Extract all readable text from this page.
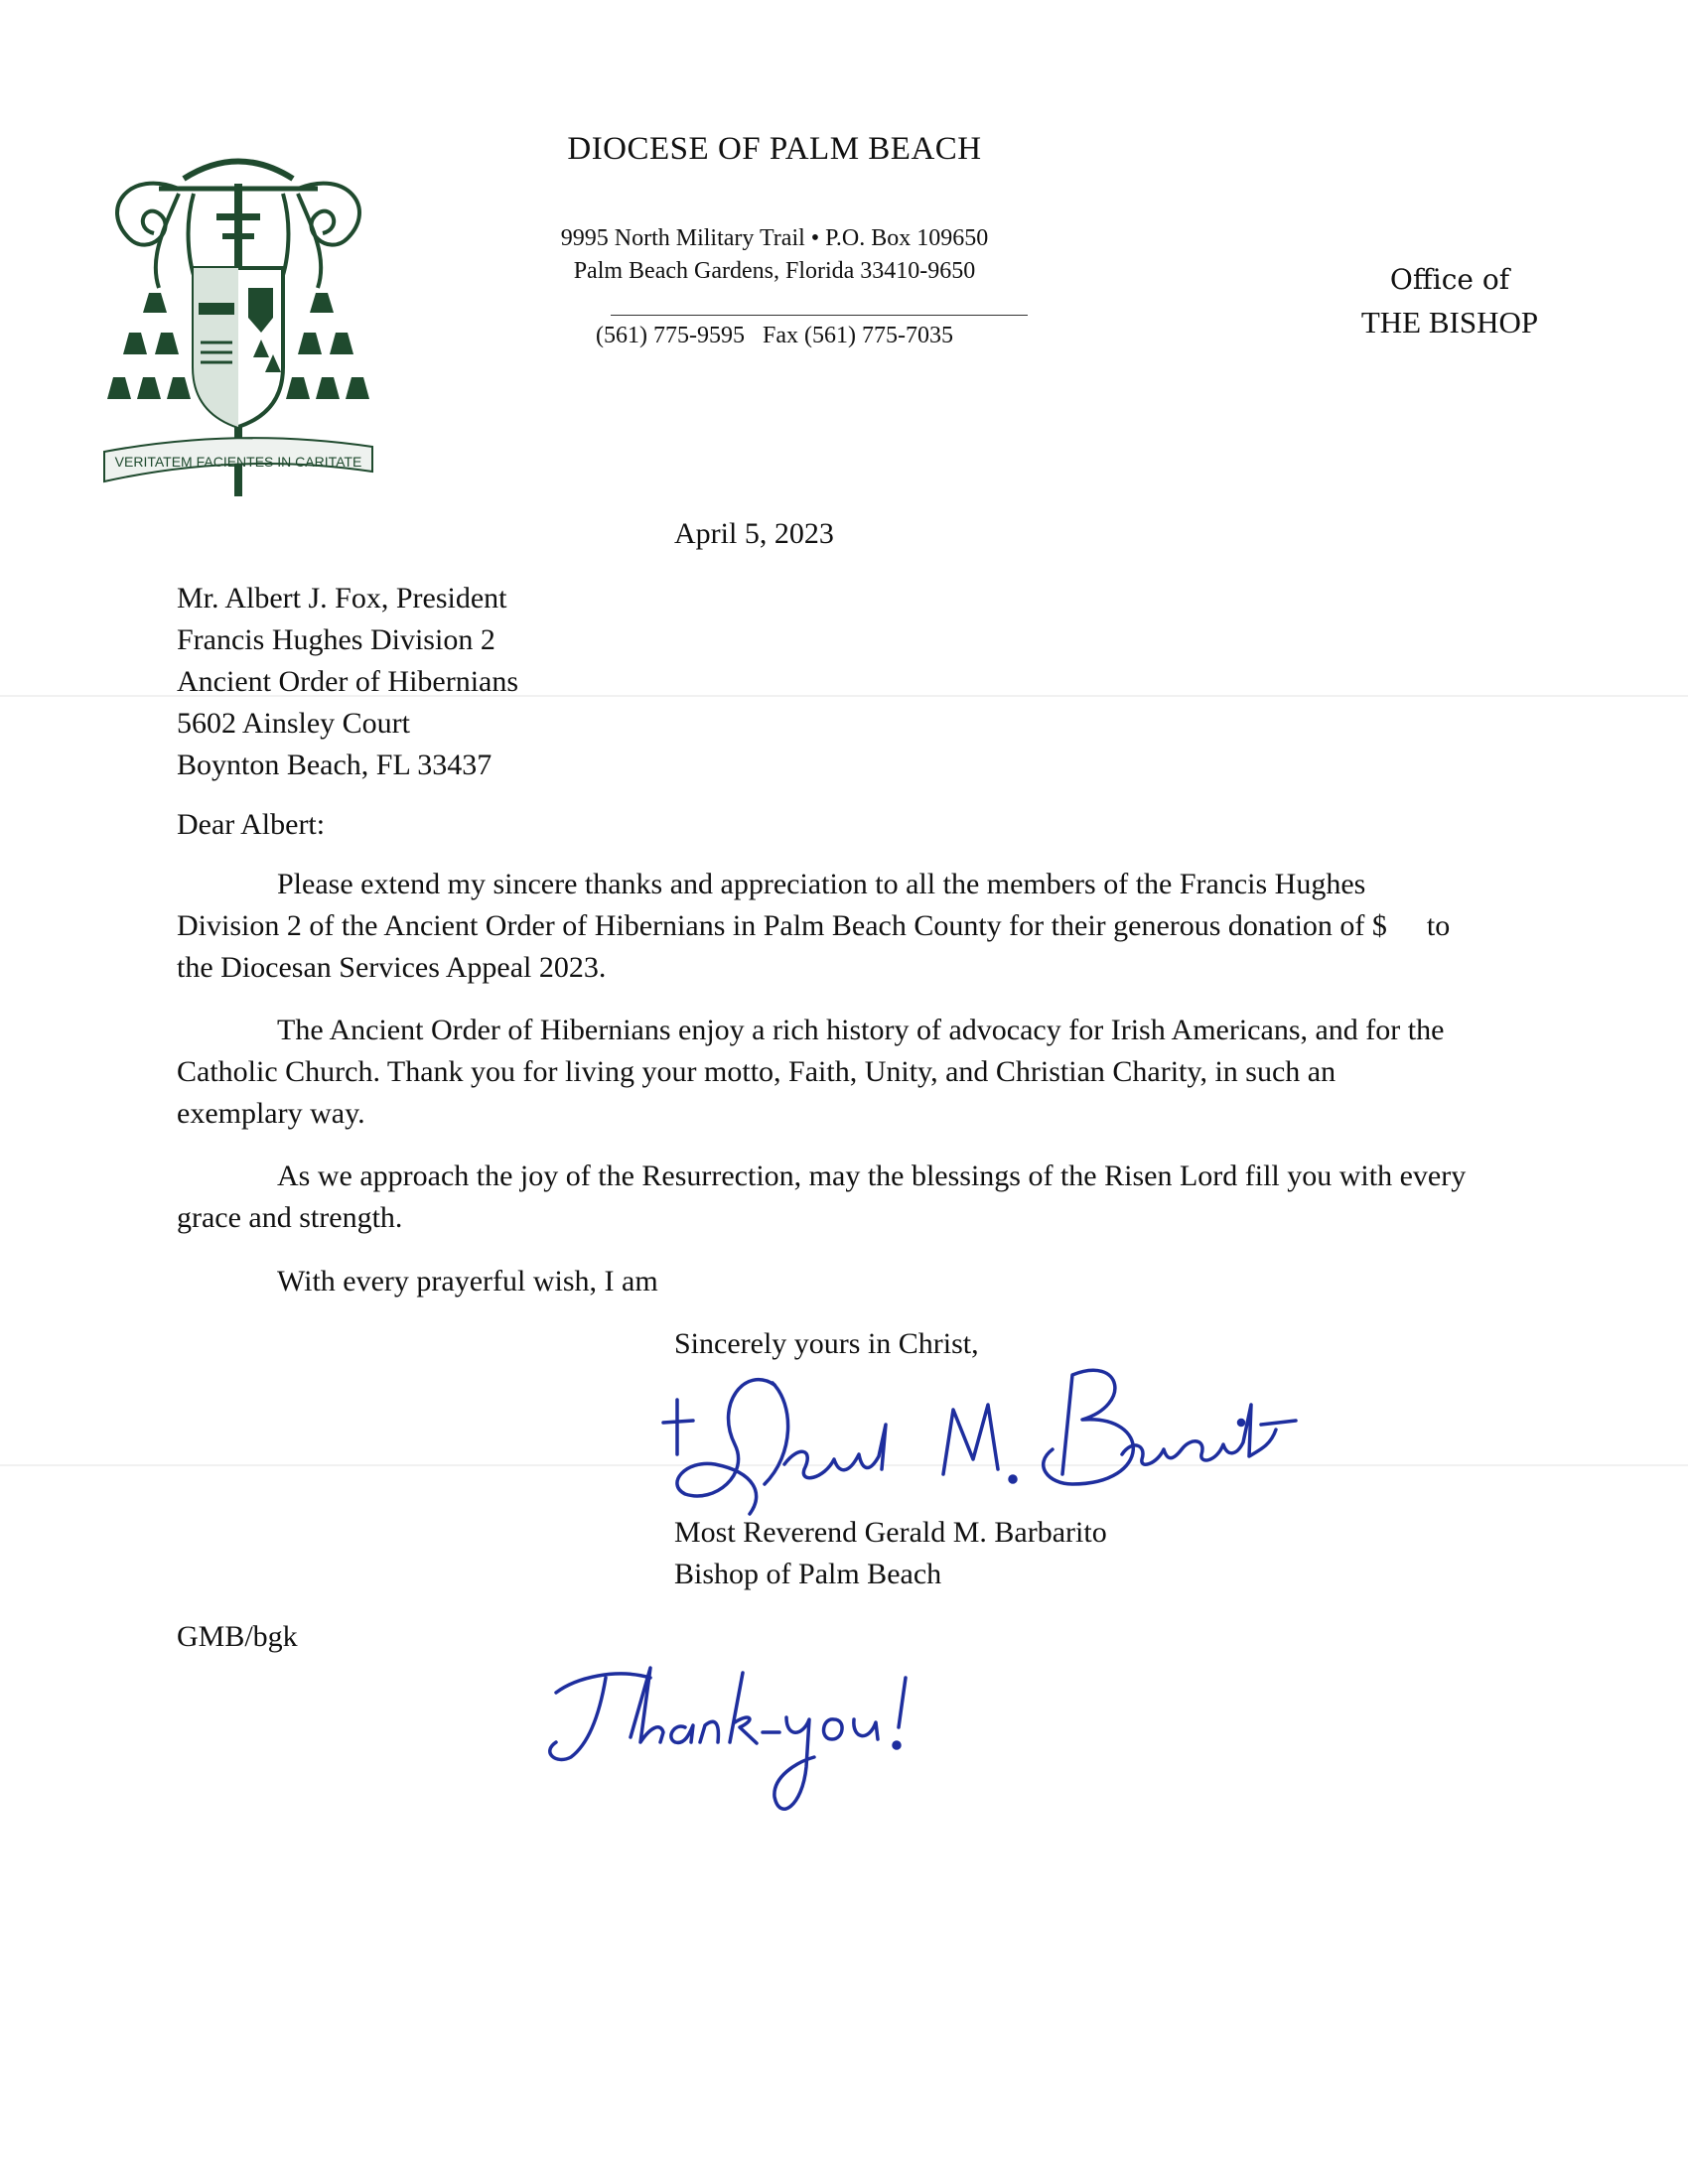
VERITATEM FACIENTES IN CARITATE
DIOCESE OF PALM BEACH
9995 North Military Trail • P.O. Box 109650
Palm Beach Gardens, Florida 33410-9650
(561) 775-9595   Fax (561) 775-7035
Office of
THE BISHOP
April 5, 2023
Mr. Albert J. Fox, President
Francis Hughes Division 2
Ancient Order of Hibernians
5602 Ainsley Court
Boynton Beach, FL 33437
Dear Albert:
Please extend my sincere thanks and appreciation to all the members of the Francis Hughes Division 2 of the Ancient Order of Hibernians in Palm Beach County for their generous donation of $ to the Diocesan Services Appeal 2023.
The Ancient Order of Hibernians enjoy a rich history of advocacy for Irish Americans, and for the Catholic Church. Thank you for living your motto, Faith, Unity, and Christian Charity, in such an exemplary way.
As we approach the joy of the Resurrection, may the blessings of the Risen Lord fill you with every grace and strength.
With every prayerful wish, I am
Sincerely yours in Christ,
Most Reverend Gerald M. Barbarito
Bishop of Palm Beach
GMB/bgk
